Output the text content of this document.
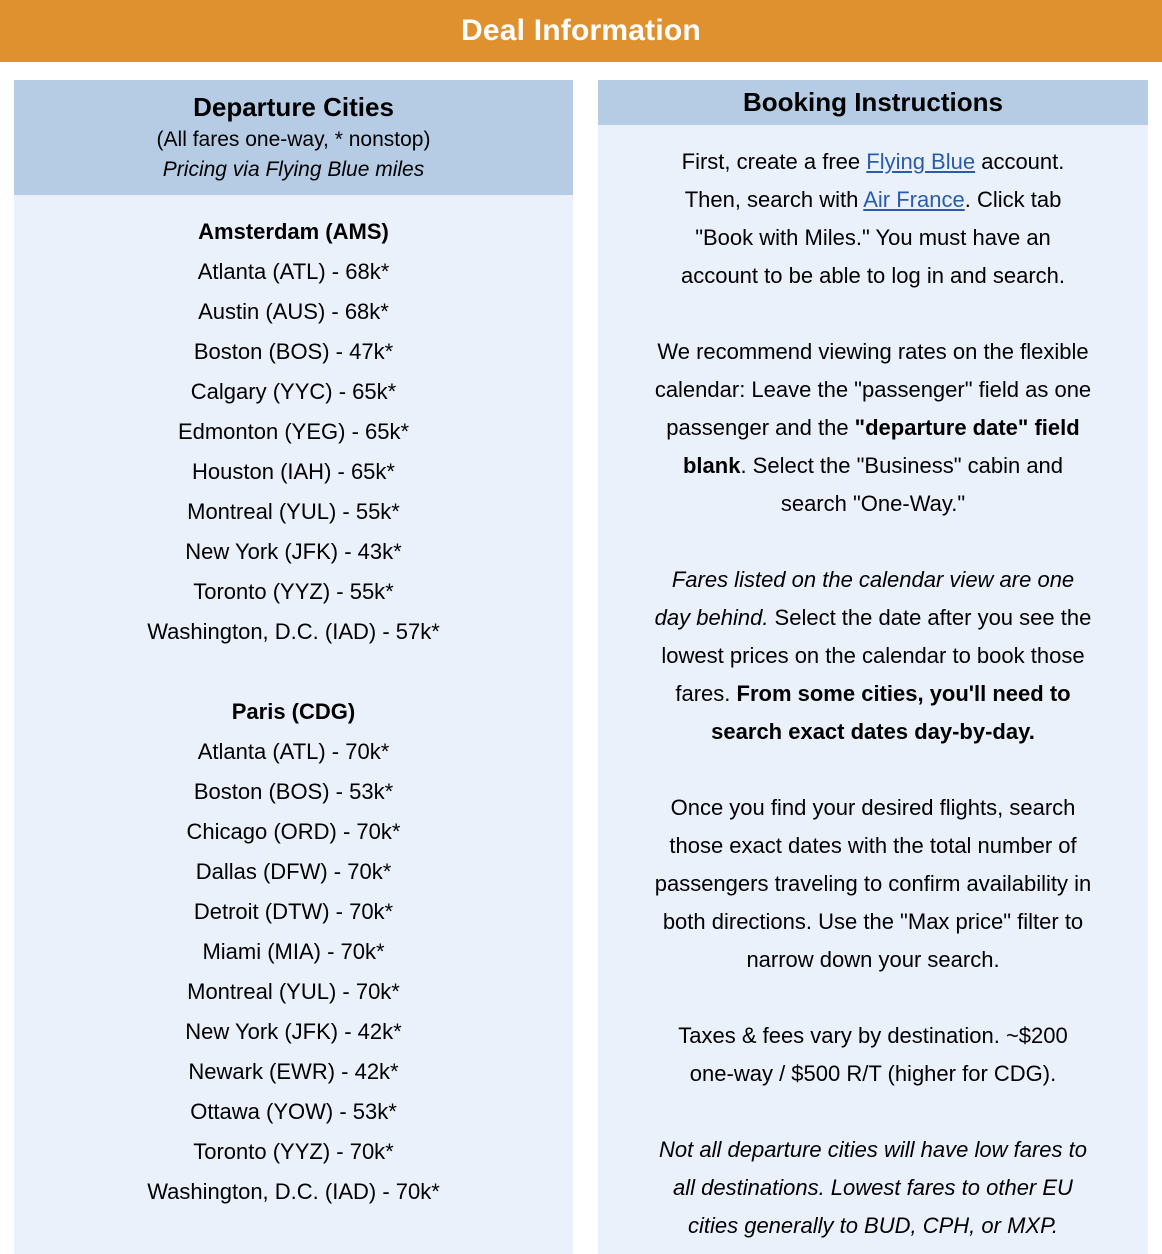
Deal Information
Departure Cities
(All fares one-way, * nonstop)
Pricing via Flying Blue miles
Amsterdam (AMS)
Atlanta (ATL) - 68k*
Austin (AUS) - 68k*
Boston (BOS) - 47k*
Calgary (YYC) - 65k*
Edmonton (YEG) - 65k*
Houston (IAH) - 65k*
Montreal (YUL) - 55k*
New York (JFK) - 43k*
Toronto (YYZ) - 55k*
Washington, D.C. (IAD) - 57k*
Paris (CDG)
Atlanta (ATL) - 70k*
Boston (BOS) - 53k*
Chicago (ORD) - 70k*
Dallas (DFW) - 70k*
Detroit (DTW) - 70k*
Miami (MIA) - 70k*
Montreal (YUL) - 70k*
New York (JFK) - 42k*
Newark (EWR) - 42k*
Ottawa (YOW) - 53k*
Toronto (YYZ) - 70k*
Washington, D.C. (IAD) - 70k*
Booking Instructions

First, create a free Flying Blue account. Then, search with Air France. Click tab "Book with Miles." You must have an account to be able to log in and search.

We recommend viewing rates on the flexible calendar: Leave the "passenger" field as one passenger and the "departure date" field blank. Select the "Business" cabin and search "One-Way."

Fares listed on the calendar view are one day behind. Select the date after you see the lowest prices on the calendar to book those fares. From some cities, you'll need to search exact dates day-by-day.

Once you find your desired flights, search those exact dates with the total number of passengers traveling to confirm availability in both directions. Use the "Max price" filter to narrow down your search.

Taxes & fees vary by destination. ~$200 one-way / $500 R/T (higher for CDG).

Not all departure cities will have low fares to all destinations. Lowest fares to other EU cities generally to BUD, CPH, or MXP.
